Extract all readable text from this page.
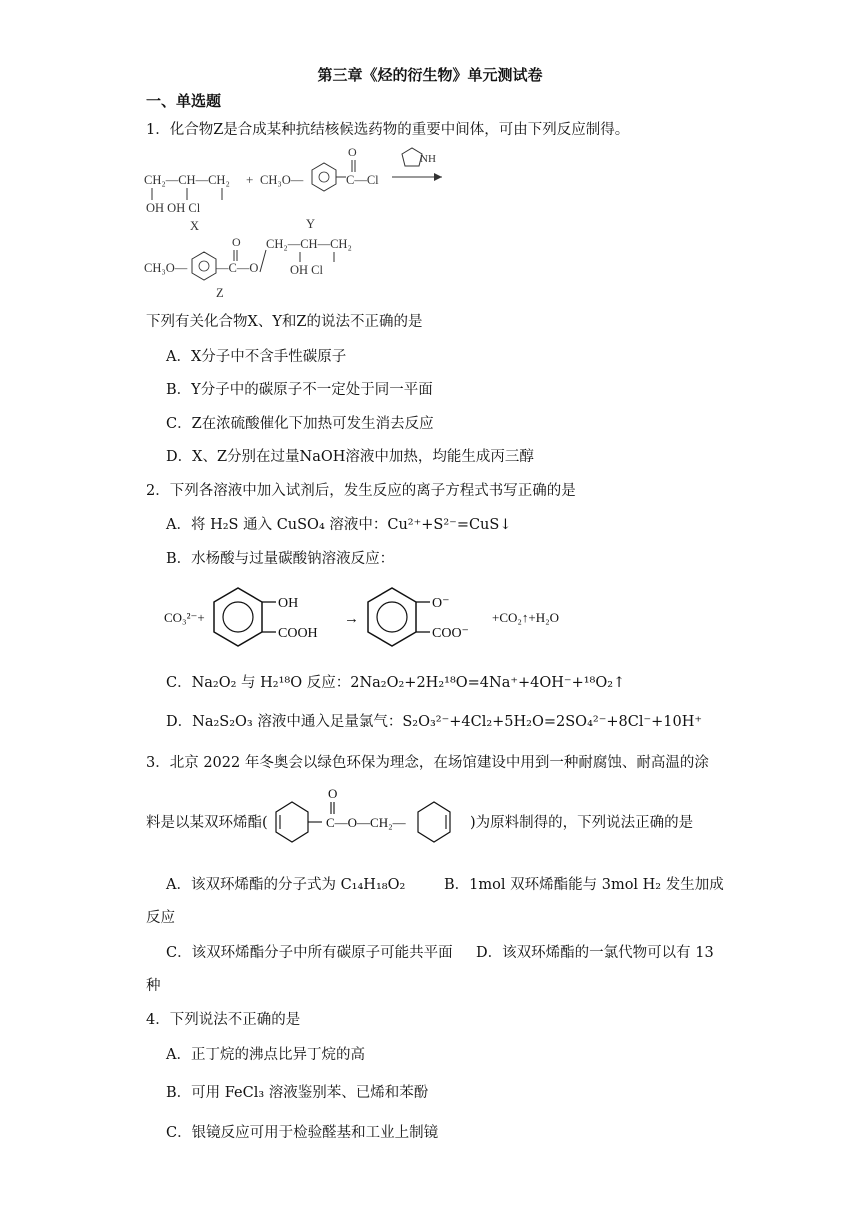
第三章《烃的衍生物》单元测试卷
一、单选题
1．化合物Z是合成某种抗结核候选药物的重要中间体，可由下列反应制得。
CH₂—CH—CH₂
OH OH Cl
X
+ CH₃O—	C—Cl
O
Y
NH
CH₃O— —C—O
O CH₂—CH—CH₂
OH Cl
Z
下列有关化合物X、Y和Z的说法不正确的是
A．X分子中不含手性碳原子
B．Y分子中的碳原子不一定处于同一平面
C．Z在浓硫酸催化下加热可发生消去反应
D．X、Z分别在过量NaOH溶液中加热，均能生成丙三醇
2．下列各溶液中加入试剂后，发生反应的离子方程式书写正确的是
A．将 H₂S 通入 CuSO₄ 溶液中：Cu²⁺+S²⁻=CuS↓
B．水杨酸与过量碳酸钠溶液反应：
CO₃²⁻+
OH
COOH
→
O⁻
COO⁻
+CO₂↑+H₂O
C．Na₂O₂ 与 H₂¹⁸O 反应：2Na₂O₂+2H₂¹⁸O=4Na⁺+4OH⁻+¹⁸O₂↑
D．Na₂S₂O₃ 溶液中通入足量氯气：S₂O₃²⁻+4Cl₂+5H₂O=2SO₄²⁻+8Cl⁻+10H⁺
3．北京 2022 年冬奥会以绿色环保为理念，在场馆建设中用到一种耐腐蚀、耐高温的涂
料是以某双环烯酯(
O
C—O—CH₂—	)为原料制得的，下列说法正确的是
A．该双环烯酯的分子式为 C₁₄H₁₈O₂	B．1mol 双环烯酯能与 3mol H₂ 发生加成
反应
C．该双环烯酯分子中所有碳原子可能共平面 D．该双环烯酯的一氯代物可以有 13
种
4．下列说法不正确的是
A．正丁烷的沸点比异丁烷的高
B．可用 FeCl₃ 溶液鉴别苯、已烯和苯酚
C．银镜反应可用于检验醛基和工业上制镜
